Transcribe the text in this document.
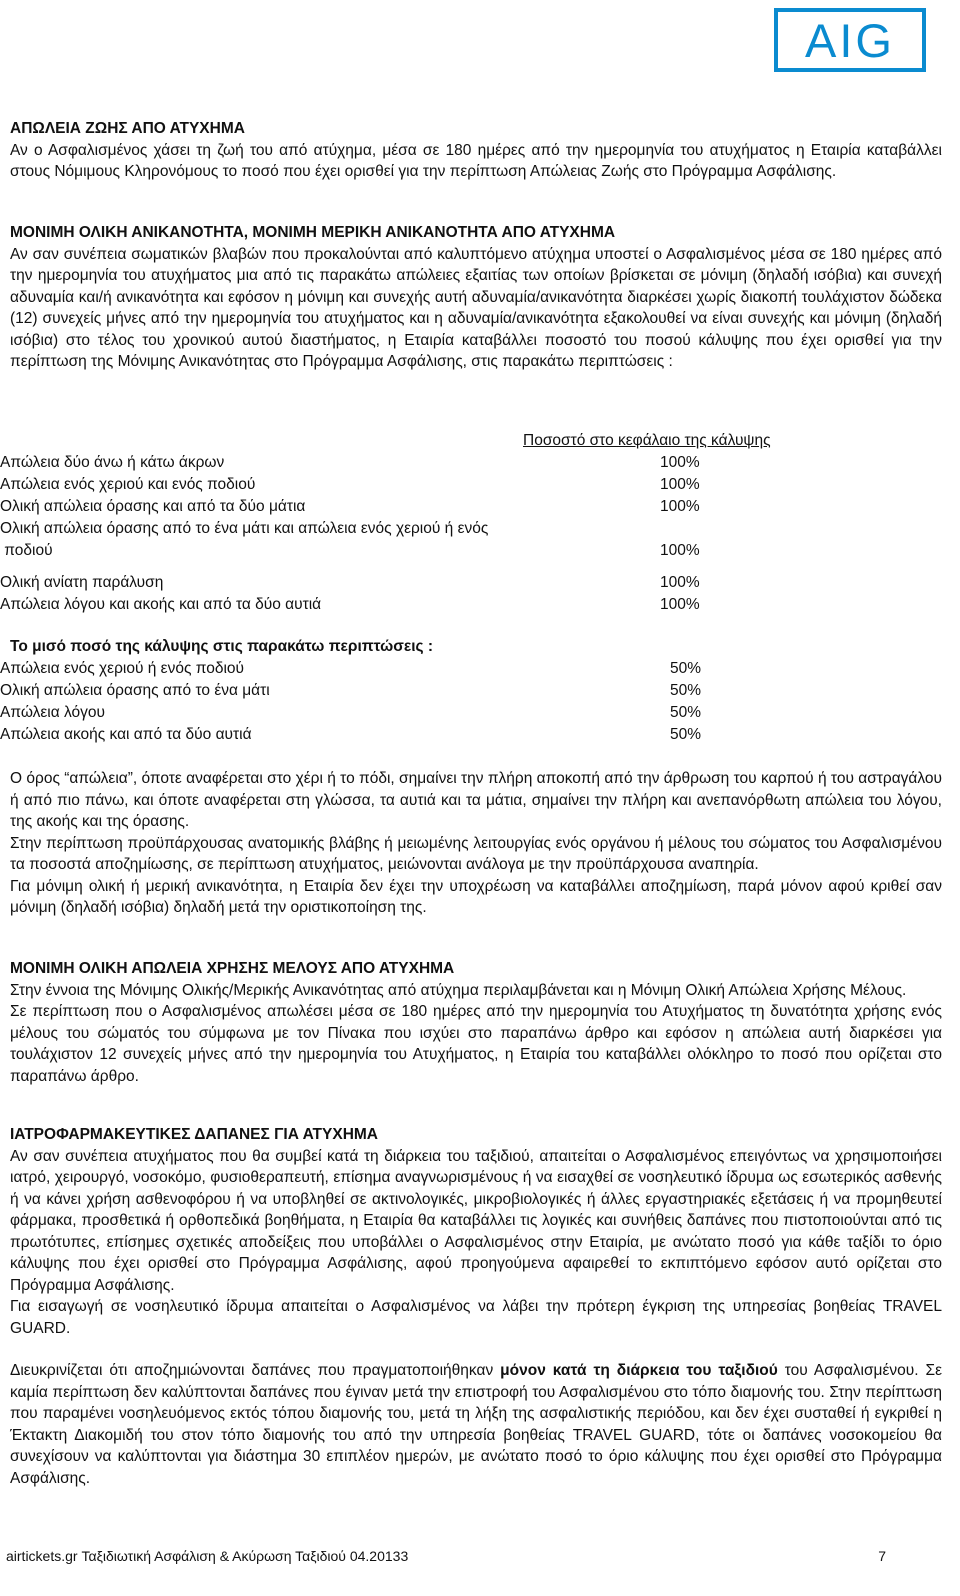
AIG
ΑΠΩΛΕΙΑ ΖΩΗΣ ΑΠΟ ΑΤΥΧΗΜΑ

Αν ο Ασφαλισμένος χάσει τη ζωή του από ατύχημα, μέσα σε 180 ημέρες από την ημερομηνία του ατυχήματος η Εταιρία καταβάλλει στους Νόμιμους Κληρονόμους το ποσό που έχει ορισθεί για την περίπτωση Απώλειας Ζωής στο Πρόγραμμα Ασφάλισης.

ΜΟΝΙΜΗ ΟΛΙΚΗ ΑΝΙΚΑΝΟΤΗΤΑ, ΜΟΝΙΜΗ ΜΕΡΙΚΗ ΑΝΙΚΑΝΟΤΗΤΑ ΑΠΟ ΑΤΥΧΗΜΑ

Αν σαν συνέπεια σωματικών βλαβών που προκαλούνται από καλυπτόμενο ατύχημα υποστεί ο Ασφαλισμένος μέσα σε 180 ημέρες από την ημερομηνία του ατυχήματος μια από τις παρακάτω απώλειες εξαιτίας των οποίων βρίσκεται σε μόνιμη (δηλαδή ισόβια) και συνεχή αδυναμία και/ή ανικανότητα και εφόσον η μόνιμη και συνεχής αυτή αδυναμία/ανικανότητα διαρκέσει χωρίς διακοπή τουλάχιστον δώδεκα (12) συνεχείς μήνες από την ημερομηνία του ατυχήματος και η αδυναμία/ανικανότητα εξακολουθεί να είναι συνεχής και μόνιμη (δηλαδή ισόβια) στο τέλος του χρονικού αυτού διαστήματος, η Εταιρία καταβάλλει ποσοστό του ποσού κάλυψης που έχει ορισθεί για την περίπτωση της Μόνιμης Ανικανότητας στο Πρόγραμμα Ασφάλισης, στις παρακάτω περιπτώσεις :

Ποσοστό στο κεφάλαιο της κάλυψης
Απώλεια δύο άνω ή κάτω άκρων	100%
Απώλεια ενός χεριού και ενός ποδιού	100%
Ολική απώλεια όρασης και από τα δύο μάτια	100%
Ολική απώλεια όρασης από το ένα μάτι και απώλεια ενός χεριού ή ενός
ποδιού	100%
Ολική ανίατη παράλυση	100%
Απώλεια λόγου και ακοής και από τα δύο αυτιά	100%
Το μισό ποσό της κάλυψης στις παρακάτω περιπτώσεις :
Απώλεια ενός χεριού ή ενός ποδιού	50%
Ολική απώλεια όρασης από το ένα μάτι	50%
Απώλεια λόγου	50%
Απώλεια ακοής και από τα δύο αυτιά	50%

Ο όρος “απώλεια”, όποτε αναφέρεται στο χέρι ή το πόδι, σημαίνει την πλήρη αποκοπή από την άρθρωση του καρπού ή του αστραγάλου ή από πιο πάνω, και όποτε αναφέρεται στη γλώσσα, τα αυτιά και τα μάτια, σημαίνει την πλήρη και ανεπανόρθωτη απώλεια του λόγου, της ακοής και της όρασης.

Στην περίπτωση προϋπάρχουσας ανατομικής βλάβης ή μειωμένης λειτουργίας ενός οργάνου ή μέλους του σώματος του Ασφαλισμένου τα ποσοστά αποζημίωσης, σε περίπτωση ατυχήματος, μειώνονται ανάλογα με την προϋπάρχουσα αναπηρία.

Για μόνιμη ολική ή μερική ανικανότητα, η Εταιρία δεν έχει την υποχρέωση να καταβάλλει αποζημίωση, παρά μόνον αφού κριθεί σαν μόνιμη (δηλαδή ισόβια) δηλαδή μετά την οριστικοποίηση της.

ΜΟΝΙΜΗ ΟΛΙΚΗ ΑΠΩΛΕΙΑ ΧΡΗΣΗΣ ΜΕΛΟΥΣ ΑΠΟ ΑΤΥΧΗΜΑ

Στην έννοια της Μόνιμης Ολικής/Μερικής Ανικανότητας από ατύχημα περιλαμβάνεται και η Μόνιμη Ολική Απώλεια Χρήσης Μέλους.

Σε περίπτωση που ο Ασφαλισμένος απωλέσει μέσα σε 180 ημέρες από την ημερομηνία του Ατυχήματος τη δυνατότητα χρήσης ενός μέλους του σώματός του σύμφωνα με τον Πίνακα που ισχύει στο παραπάνω άρθρο και εφόσον η απώλεια αυτή διαρκέσει για τουλάχιστον 12 συνεχείς μήνες από την ημερομηνία του Ατυχήματος, η Εταιρία του καταβάλλει ολόκληρο το ποσό που ορίζεται στο παραπάνω άρθρο.

ΙΑΤΡΟΦΑΡΜΑΚΕΥΤΙΚΕΣ ΔΑΠΑΝΕΣ ΓΙΑ ΑΤΥΧΗΜΑ

Αν σαν συνέπεια ατυχήματος που θα συμβεί κατά τη διάρκεια του ταξιδιού, απαιτείται ο Ασφαλισμένος επειγόντως να χρησιμοποιήσει ιατρό, χειρουργό, νοσοκόμο, φυσιοθεραπευτή, επίσημα αναγνωρισμένους ή να εισαχθεί σε νοσηλευτικό ίδρυμα ως εσωτερικός ασθενής ή να κάνει χρήση ασθενοφόρου ή να υποβληθεί σε ακτινολογικές, μικροβιολογικές ή άλλες εργαστηριακές εξετάσεις ή να προμηθευτεί φάρμακα, προσθετικά ή ορθοπεδικά βοηθήματα, η Εταιρία θα καταβάλλει τις λογικές και συνήθεις δαπάνες που πιστοποιούνται από τις πρωτότυπες, επίσημες σχετικές αποδείξεις που υποβάλλει ο Ασφαλισμένος στην Εταιρία, με ανώτατο ποσό για κάθε ταξίδι το όριο κάλυψης που έχει ορισθεί στο Πρόγραμμα Ασφάλισης, αφού προηγούμενα αφαιρεθεί το εκπιπτόμενο εφόσον αυτό ορίζεται στο Πρόγραμμα Ασφάλισης.

Για εισαγωγή σε νοσηλευτικό ίδρυμα απαιτείται ο Ασφαλισμένος να λάβει την πρότερη έγκριση της υπηρεσίας βοηθείας TRAVEL GUARD.

Διευκρινίζεται ότι αποζημιώνονται δαπάνες που πραγματοποιήθηκαν μόνον κατά τη διάρκεια του ταξιδιού του Ασφαλισμένου. Σε καμία περίπτωση δεν καλύπτονται δαπάνες που έγιναν μετά την επιστροφή του Ασφαλισμένου στο τόπο διαμονής του. Στην περίπτωση που παραμένει νοσηλευόμενος εκτός τόπου διαμονής του, μετά τη λήξη της ασφαλιστικής περιόδου, και δεν έχει συσταθεί ή εγκριθεί η Έκτακτη Διακομιδή του στον τόπο διαμονής του από την υπηρεσία βοηθείας TRAVEL GUARD, τότε οι δαπάνες νοσοκομείου θα συνεχίσουν να καλύπτονται για διάστημα 30 επιπλέον ημερών, με ανώτατο ποσό το όριο κάλυψης που έχει ορισθεί στο Πρόγραμμα Ασφάλισης.

airtickets.gr Ταξιδιωτική Ασφάλιση & Ακύρωση Ταξιδιού 04.20133	7
